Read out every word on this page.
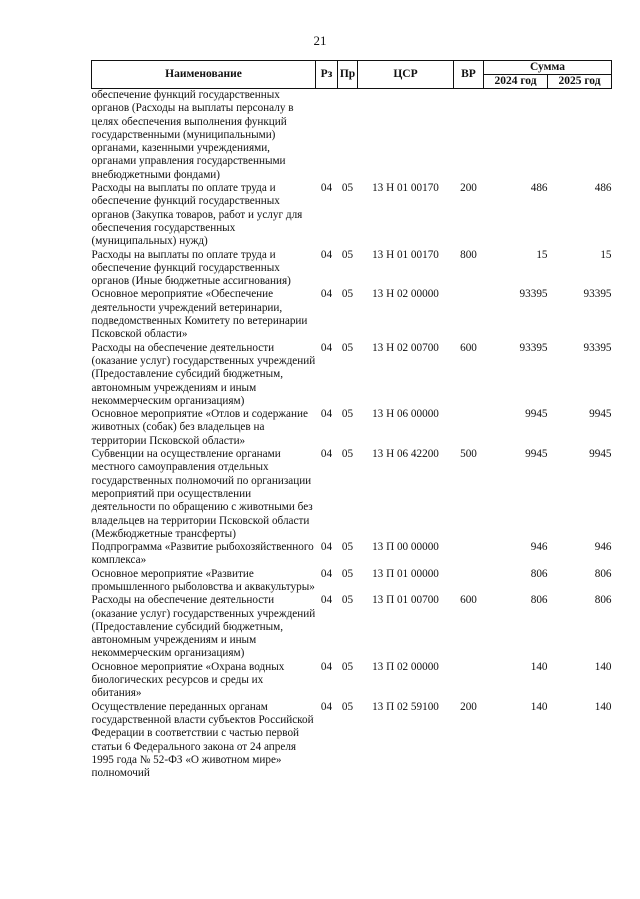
21
Наименование	Рз	Пр	ЦСР	ВР	Сумма	
					2024 год	2025 год
обеспечение функций государственных органов (Расходы на выплаты персоналу в целях обеспечения выполнения функций государственными (муниципальными) органами, казенными учреждениями, органами управления государственными внебюджетными фондами)						
Расходы на выплаты по оплате труда и обеспечение функций государственных органов (Закупка товаров, работ и услуг для обеспечения государственных (муниципальных) нужд)	04	05	13 Н 01 00170	200	486	486
Расходы на выплаты по оплате труда и обеспечение функций государственных органов (Иные бюджетные ассигнования)	04	05	13 Н 01 00170	800	15	15
Основное мероприятие «Обеспечение деятельности учреждений ветеринарии, подведомственных Комитету по ветеринарии Псковской области»	04	05	13 Н 02 00000		93395	93395
Расходы на обеспечение деятельности (оказание услуг) государственных учреждений (Предоставление субсидий бюджетным, автономным учреждениям и иным некоммерческим организациям)	04	05	13 Н 02 00700	600	93395	93395
Основное мероприятие «Отлов и содержание животных (собак) без владельцев на территории Псковской области»	04	05	13 Н 06 00000		9945	9945
Субвенции на осуществление органами местного самоуправления отдельных государственных полномочий по организации мероприятий при осуществлении деятельности по обращению с животными без владельцев на территории Псковской области (Межбюджетные трансферты)	04	05	13 Н 06 42200	500	9945	9945
Подпрограмма «Развитие рыбохозяйственного комплекса»	04	05	13 П 00 00000		946	946
Основное мероприятие «Развитие промышленного рыболовства и аквакультуры»	04	05	13 П 01 00000		806	806
Расходы на обеспечение деятельности (оказание услуг) государственных учреждений (Предоставление субсидий бюджетным, автономным учреждениям и иным некоммерческим организациям)	04	05	13 П 01 00700	600	806	806
Основное мероприятие «Охрана водных биологических ресурсов и среды их обитания»	04	05	13 П 02 00000		140	140
Осуществление переданных органам государственной власти субъектов Российской Федерации в соответствии с частью первой статьи 6 Федерального закона от 24 апреля 1995 года № 52-ФЗ «О животном мире» полномочий	04	05	13 П 02 59100	200	140	140
